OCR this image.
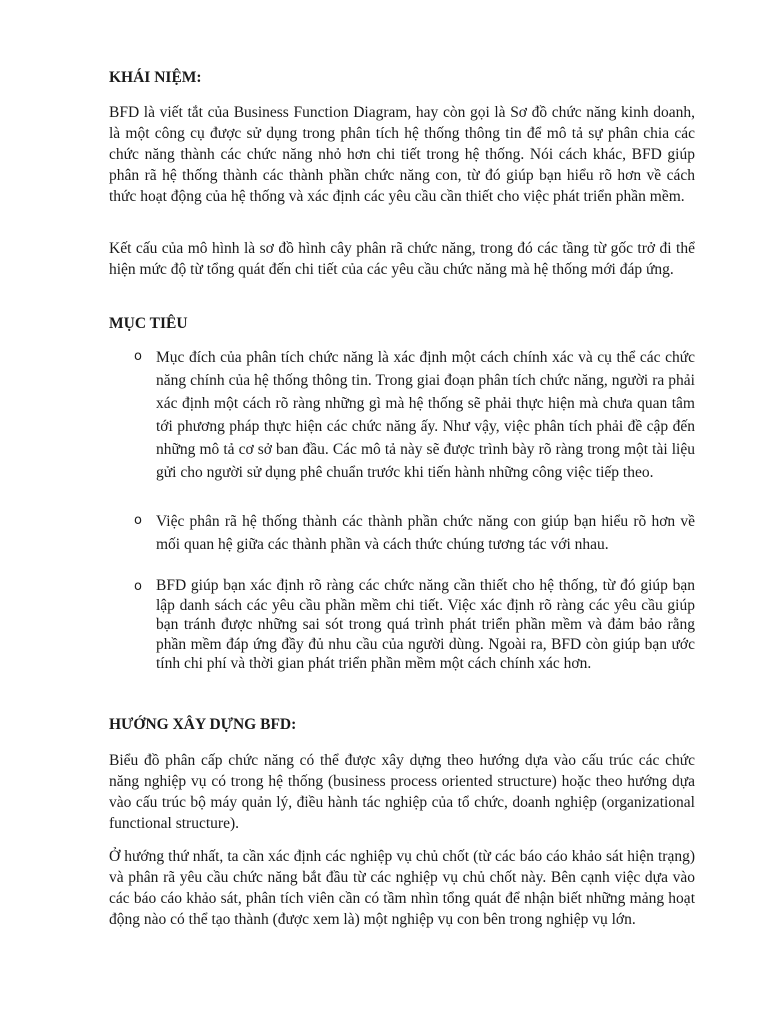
KHÁI NIỆM:

BFD là viết tắt của Business Function Diagram, hay còn gọi là Sơ đồ chức năng kinh doanh, là một công cụ được sử dụng trong phân tích hệ thống thông tin để mô tả sự phân chia các chức năng thành các chức năng nhỏ hơn chi tiết trong hệ thống. Nói cách khác, BFD giúp phân rã hệ thống thành các thành phần chức năng con, từ đó giúp bạn hiểu rõ hơn về cách thức hoạt động của hệ thống và xác định các yêu cầu cần thiết cho việc phát triển phần mềm.

Kết cấu của mô hình là sơ đồ hình cây phân rã chức năng, trong đó các tầng từ gốc trở đi thể hiện mức độ từ tổng quát đến chi tiết của các yêu cầu chức năng mà hệ thống mới đáp ứng.

MỤC TIÊU
o Mục đích của phân tích chức năng là xác định một cách chính xác và cụ thể các chức năng chính của hệ thống thông tin. Trong giai đoạn phân tích chức năng, người ra phải xác định một cách rõ ràng những gì mà hệ thống sẽ phải thực hiện mà chưa quan tâm tới phương pháp thực hiện các chức năng ấy. Như vậy, việc phân tích phải đề cập đến những mô tả cơ sở ban đầu. Các mô tả này sẽ được trình bày rõ ràng trong một tài liệu gửi cho người sử dụng phê chuẩn trước khi tiến hành những công việc tiếp theo.

o Việc phân rã hệ thống thành các thành phần chức năng con giúp bạn hiểu rõ hơn về mối quan hệ giữa các thành phần và cách thức chúng tương tác với nhau.

o BFD giúp bạn xác định rõ ràng các chức năng cần thiết cho hệ thống, từ đó giúp bạn lập danh sách các yêu cầu phần mềm chi tiết. Việc xác định rõ ràng các yêu cầu giúp bạn tránh được những sai sót trong quá trình phát triển phần mềm và đảm bảo rằng phần mềm đáp ứng đầy đủ nhu cầu của người dùng. Ngoài ra, BFD còn giúp bạn ước tính chi phí và thời gian phát triển phần mềm một cách chính xác hơn.

HƯỚNG XÂY DỰNG BFD:

Biểu đồ phân cấp chức năng có thể được xây dựng theo hướng dựa vào cấu trúc các chức năng nghiệp vụ có trong hệ thống (business process oriented structure) hoặc theo hướng dựa vào cấu trúc bộ máy quản lý, điều hành tác nghiệp của tổ chức, doanh nghiệp (organizational functional structure).

Ở hướng thứ nhất, ta cần xác định các nghiệp vụ chủ chốt (từ các báo cáo khảo sát hiện trạng) và phân rã yêu cầu chức năng bắt đầu từ các nghiệp vụ chủ chốt này. Bên cạnh việc dựa vào các báo cáo khảo sát, phân tích viên cần có tầm nhìn tổng quát để nhận biết những mảng hoạt động nào có thể tạo thành (được xem là) một nghiệp vụ con bên trong nghiệp vụ lớn.
